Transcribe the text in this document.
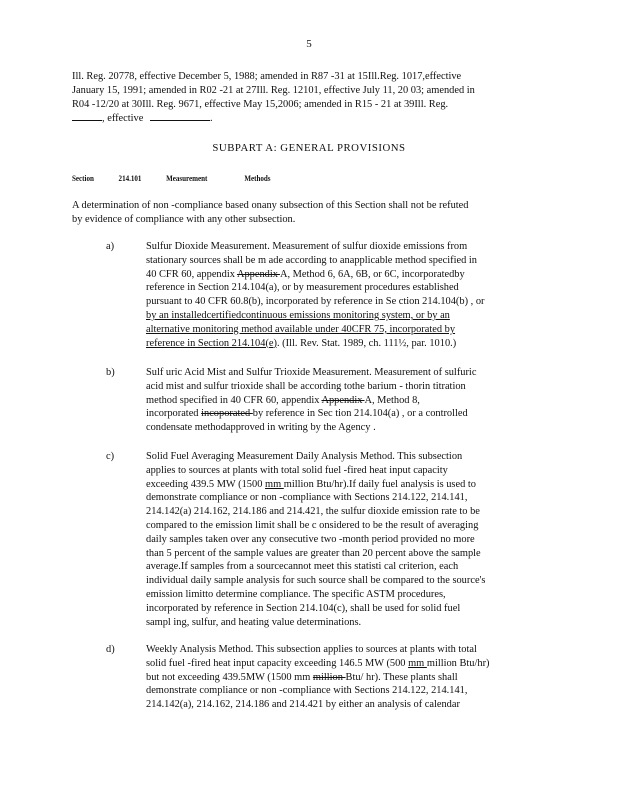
5
Ill. Reg. 20778, effective December 5, 1988; amended in R87 -31 at 15Ill.Reg. 1017,effective
January 15, 1991; amended in R02 -21 at 27Ill. Reg. 12101, effective July 11, 20 03; amended in
R04 -12/20 at 30Ill. Reg. 9671, effective May 15,2006; amended in R15 - 21 at 39Ill. Reg.
, effective	.
SUBPART A: GENERAL PROVISIONS
Section	214.101	Measurement	Methods
A determination of non -compliance based onany subsection of this Section shall not be refuted
by evidence of compliance with any other subsection.
a)	Sulfur Dioxide Measurement. Measurement of sulfur dioxide emissions from
stationary sources shall be m ade according to anapplicable method specified in
40 CFR 60, appendix Appendix A, Method 6, 6A, 6B, or 6C, incorporatedby
reference in Section 214.104(a), or by measurement procedures established
pursuant to 40 CFR 60.8(b), incorporated by reference in Se ction 214.104(b) , or
by an installedcertifiedcontinuous emissions monitoring system, or by an
alternative monitoring method available under 40CFR 75, incorporated by
reference in Section 214.104(e). (Ill. Rev. Stat. 1989, ch. 111½, par. 1010.)
b)	Sulf uric Acid Mist and Sulfur Trioxide Measurement. Measurement of sulfuric
acid mist and sulfur trioxide shall be according tothe barium - thorin titration
method specified in 40 CFR 60, appendix Appendix A, Method 8,
incorporated incoporated by reference in Sec tion 214.104(a) , or a controlled
condensate methodapproved in writing by the Agency .
c)	Solid Fuel Averaging Measurement Daily Analysis Method. This subsection
applies to sources at plants with total solid fuel -fired heat input capacity
exceeding 439.5 MW (1500 mm million Btu/hr).If daily fuel analysis is used to
demonstrate compliance or non -compliance with Sections 214.122, 214.141,
214.142(a) 214.162, 214.186 and 214.421, the sulfur dioxide emission rate to be
compared to the emission limit shall be c onsidered to be the result of averaging
daily samples taken over any consecutive two -month period provided no more
than 5 percent of the sample values are greater than 20 percent above the sample
average.If samples from a sourcecannot meet this statisti cal criterion, each
individual daily sample analysis for such source shall be compared to the source's
emission limitto determine compliance. The specific ASTM procedures,
incorporated by reference in Section 214.104(c), shall be used for solid fuel
sampl ing, sulfur, and heating value determinations.
d)	Weekly Analysis Method. This subsection applies to sources at plants with total
solid fuel -fired heat input capacity exceeding 146.5 MW (500 mm million Btu/hr)
but not exceeding 439.5MW (1500 mm million Btu/ hr). These plants shall
demonstrate compliance or non -compliance with Sections 214.122, 214.141,
214.142(a), 214.162, 214.186 and 214.421 by either an analysis of calendar
